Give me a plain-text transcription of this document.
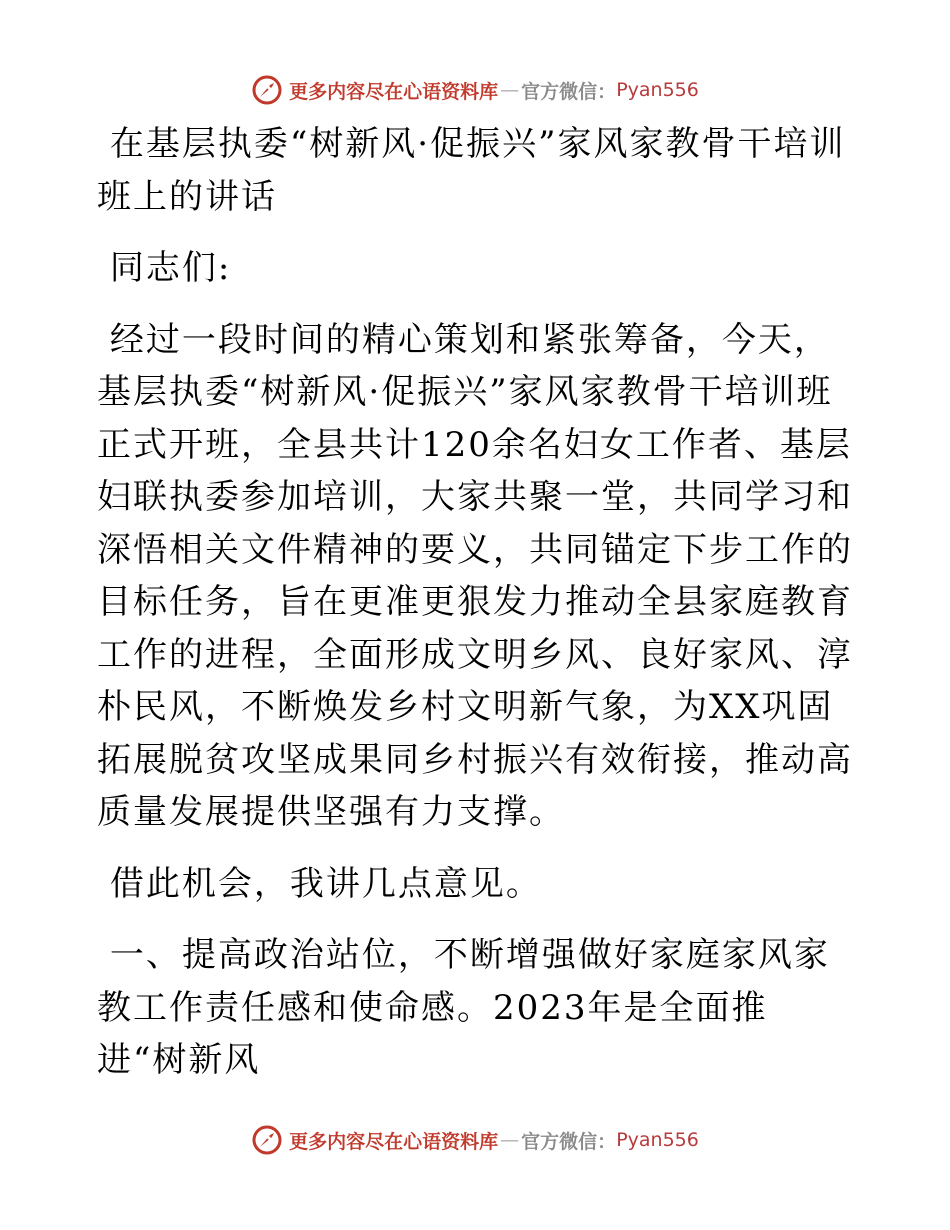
更多内容尽在心语资料库 — 官方微信： Pyan556

在基层执委“树新风·促振兴”家风家教骨干培训班上的讲话

同志们:

经过一段时间的精心策划和紧张筹备，今天，基层执委“树新风·促振兴”家风家教骨干培训班正式开班，全县共计120余名妇女工作者、基层妇联执委参加培训，大家共聚一堂，共同学习和深悟相关文件精神的要义，共同锚定下步工作的目标任务，旨在更准更狠发力推动全县家庭教育工作的进程，全面形成文明乡风、良好家风、淳朴民风，不断焕发乡村文明新气象，为XX巩固拓展脱贫攻坚成果同乡村振兴有效衔接，推动高质量发展提供坚强有力支撑。

借此机会，我讲几点意见。

一、提高政治站位，不断增强做好家庭家风家教工作责任感和使命感。2023年是全面推进“树新风

更多内容尽在心语资料库 — 官方微信： Pyan556
